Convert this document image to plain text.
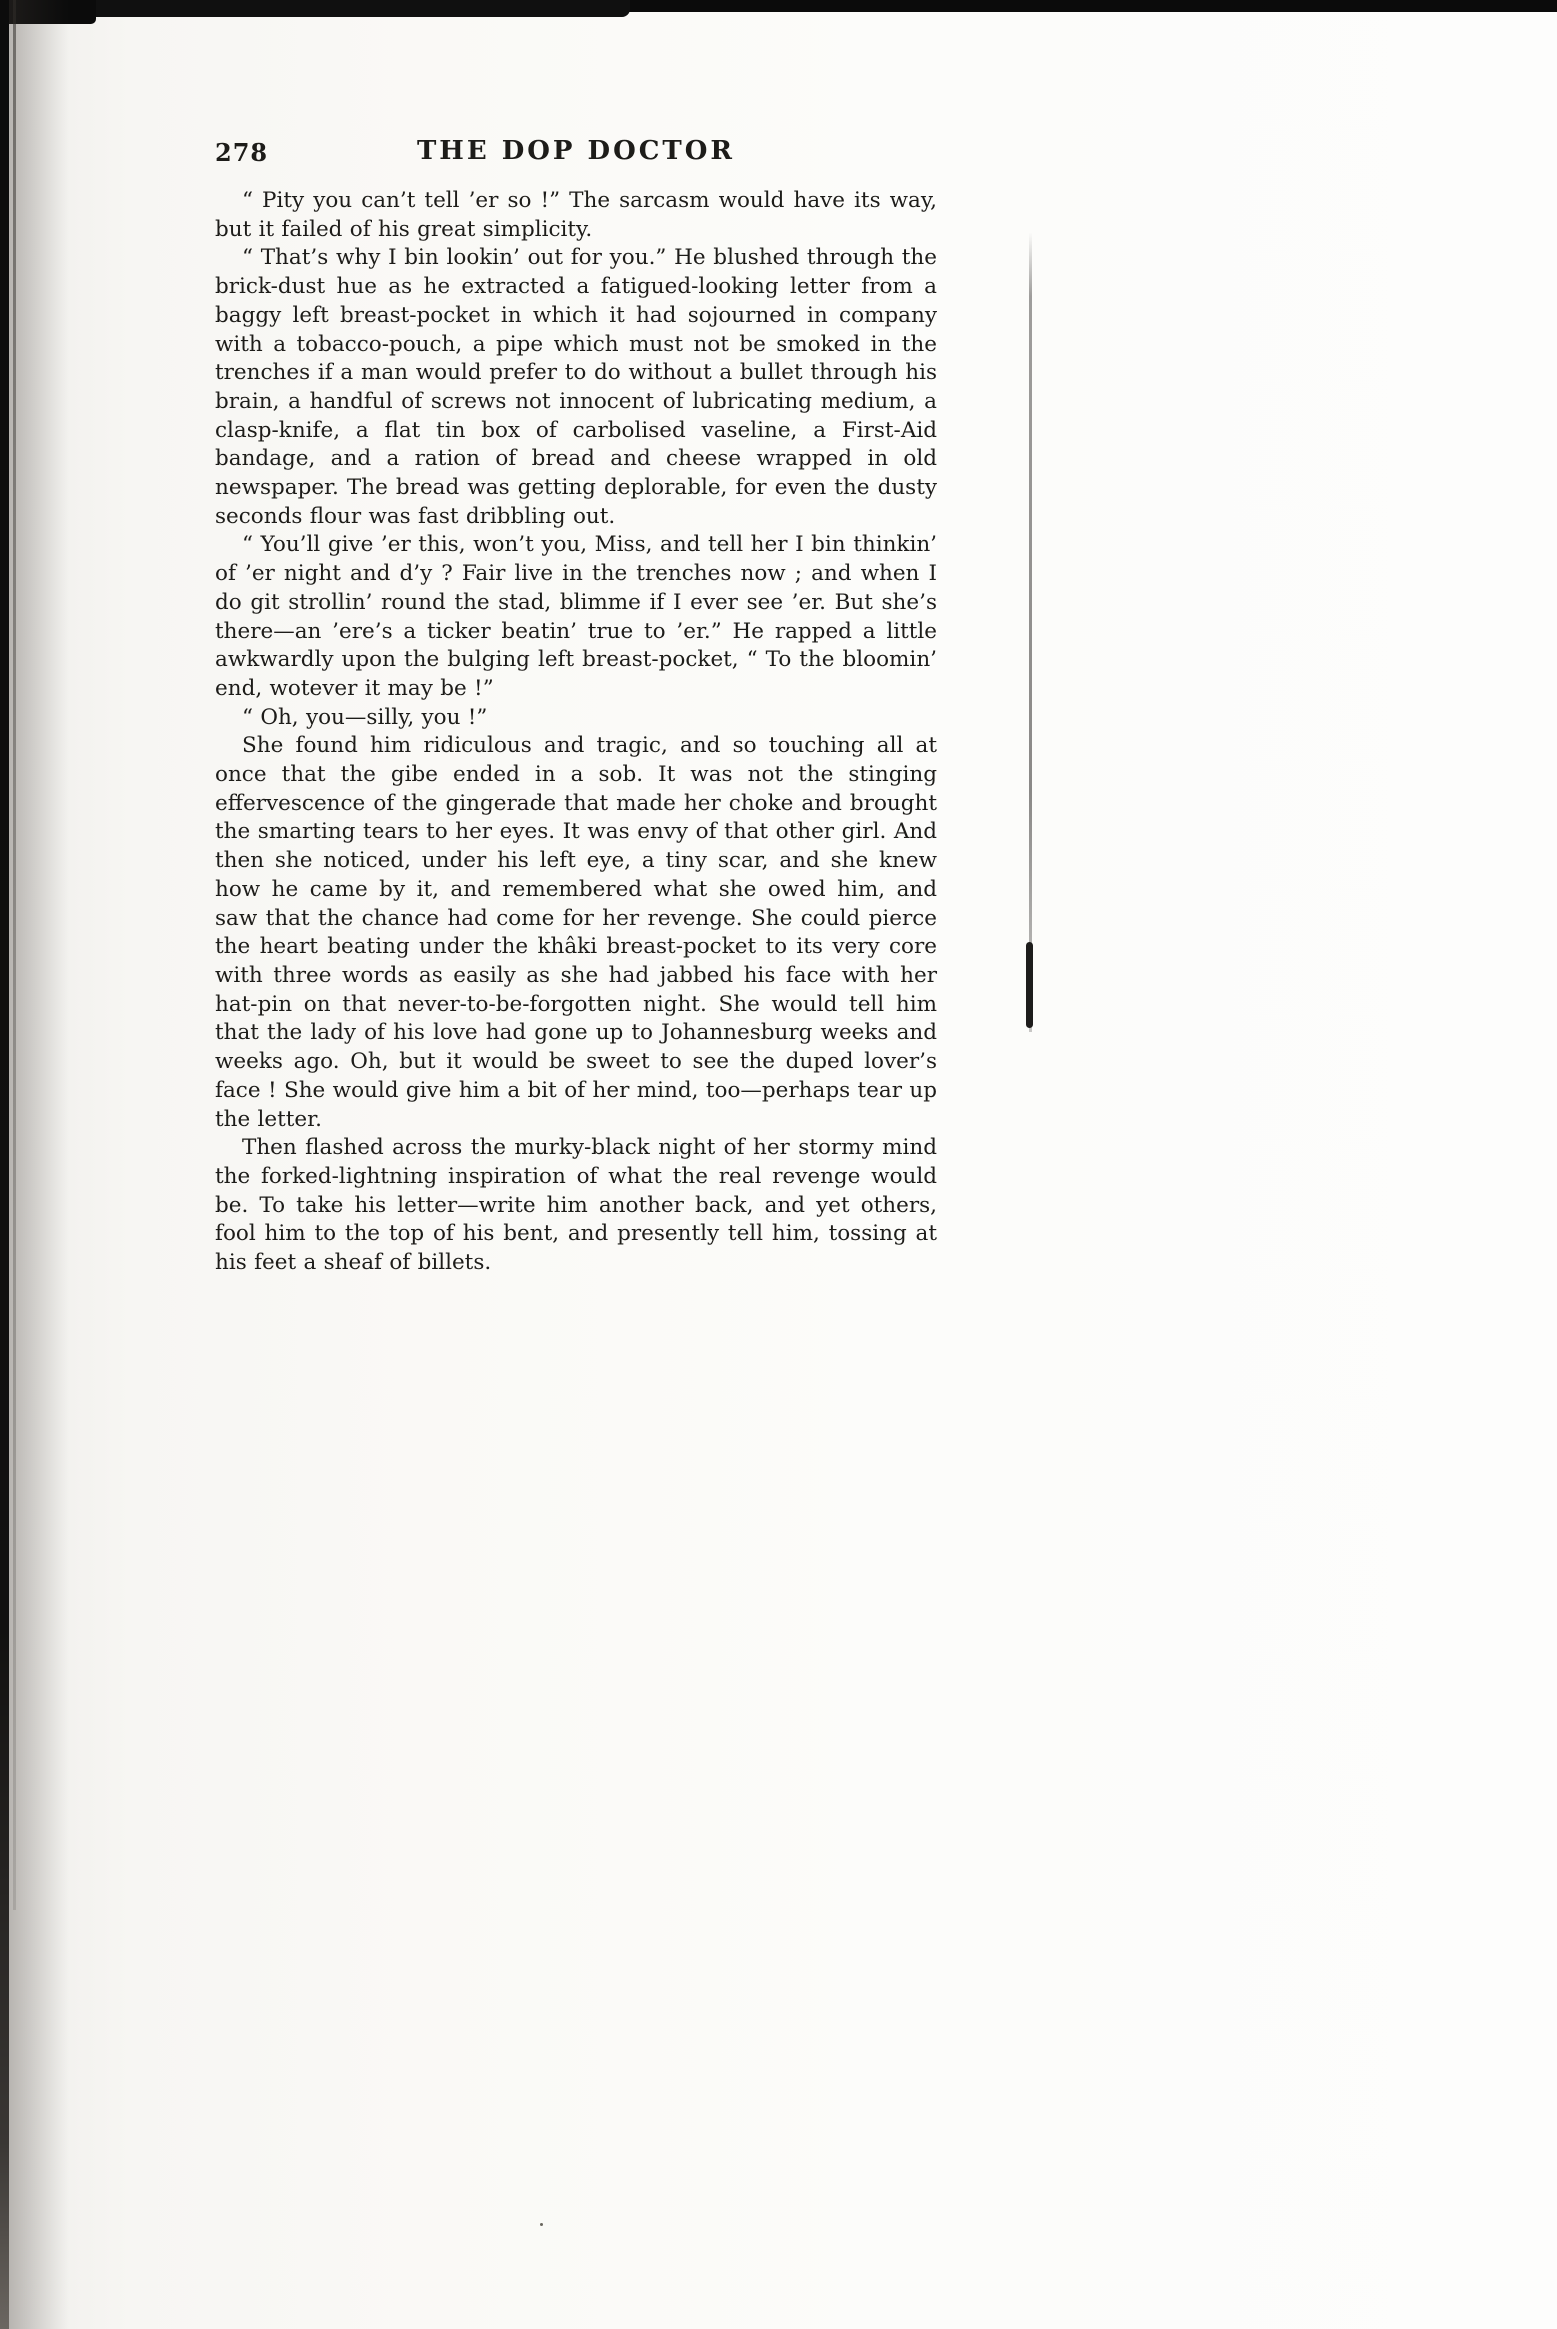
278	THE DOP DOCTOR

“ Pity you can’t tell ’er so !” The sarcasm would have its way, but it failed of his great simplicity.

“ That’s why I bin lookin’ out for you.” He blushed through the brick-dust hue as he extracted a fatigued-looking letter from a baggy left breast-pocket in which it had sojourned in company with a tobacco-pouch, a pipe which must not be smoked in the trenches if a man would prefer to do without a bullet through his brain, a handful of screws not innocent of lubricating medium, a clasp-knife, a flat tin box of carbolised vaseline, a First-Aid bandage, and a ration of bread and cheese wrapped in old newspaper. The bread was getting deplorable, for even the dusty seconds flour was fast dribbling out.

“ You’ll give ’er this, won’t you, Miss, and tell her I bin thinkin’ of ’er night and d’y ? Fair live in the trenches now ; and when I do git strollin’ round the stad, blimme if I ever see ’er. But she’s there—an ’ere’s a ticker beatin’ true to ’er.” He rapped a little awkwardly upon the bulging left breast-pocket, “ To the bloomin’ end, wotever it may be !”

“ Oh, you—silly, you !”

She found him ridiculous and tragic, and so touching all at once that the gibe ended in a sob. It was not the stinging effervescence of the gingerade that made her choke and brought the smarting tears to her eyes. It was envy of that other girl. And then she noticed, under his left eye, a tiny scar, and she knew how he came by it, and remembered what she owed him, and saw that the chance had come for her revenge. She could pierce the heart beating under the khâki breast-pocket to its very core with three words as easily as she had jabbed his face with her hat-pin on that never-to-be-forgotten night. She would tell him that the lady of his love had gone up to Johannesburg weeks and weeks ago. Oh, but it would be sweet to see the duped lover’s face ! She would give him a bit of her mind, too—perhaps tear up the letter.

Then flashed across the murky-black night of her stormy mind the forked-lightning inspiration of what the real revenge would be. To take his letter—write him another back, and yet others, fool him to the top of his bent, and presently tell him, tossing at his feet a sheaf of billets.
